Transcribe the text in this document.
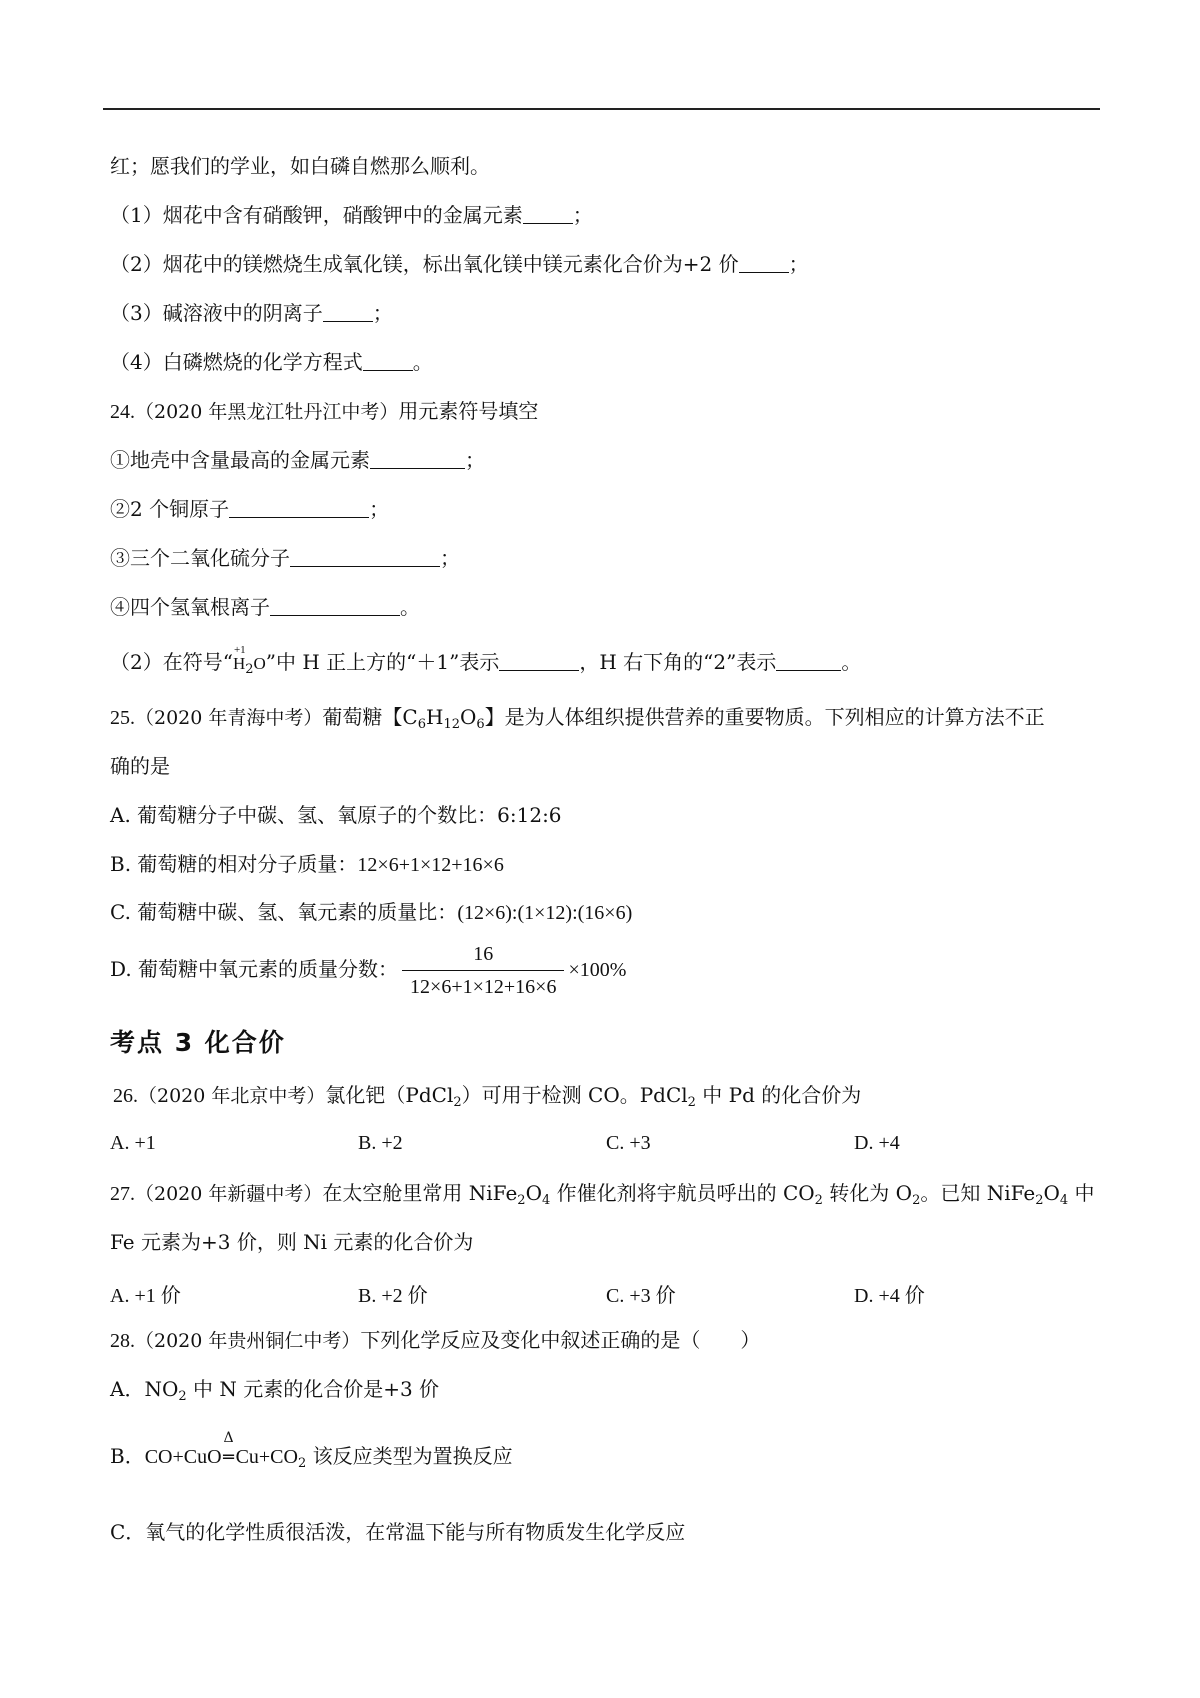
红；愿我们的学业，如白磷自燃那么顺利。
（1）烟花中含有硝酸钾，硝酸钾中的金属元素	；
（2）烟花中的镁燃烧生成氧化镁，标出氧化镁中镁元素化合价为+2 价	；
（3）碱溶液中的阴离子	；
（4）白磷燃烧的化学方程式	。
24.（2020 年黑龙江牡丹江中考）用元素符号填空
①地壳中含量最高的金属元素	；
②2 个铜原子	；
③三个二氧化硫分子	；
④四个氢氧根离子	。
（2）在符号“ +1
$H_2O$”中 H 正上方的“＋1”表示	，H 右下角的“2”表示	。
25.（2020 年青海中考）葡萄糖【$C_6H_{12}O_6$】是为人体组织提供营养的重要物质。下列相应的计算方法不正
确的是
A. 葡萄糖分子中碳、氢、氧原子的个数比：6:12:6
B. 葡萄糖的相对分子质量：12×6+1×12+16×6
C. 葡萄糖中碳、氢、氧元素的质量比：(12×6):(1×12):(16×6)
D. 葡萄糖中氧元素的质量分数： $\frac{16}{12\times 6+1\times 12+16\times 6} \times 100\%$
考点 3 化合价
26.（2020 年北京中考）氯化钯（PdCl$_2$）可用于检测 CO。PdCl$_2$ 中 Pd 的化合价为
A. +1	B. +2	C. +3	D. +4
27.（2020 年新疆中考）在太空舱里常用 $NiFe_2O_4$ 作催化剂将宇航员呼出的 $CO_2$ 转化为 $O_2$。已知 $NiFe_2O_4$ 中
Fe 元素为+3 价，则 Ni 元素的化合价为
A. +1 价	B. +2 价	C. +3 价	D. +4 价
28.（2020 年贵州铜仁中考）下列化学反应及变化中叙述正确的是（　　）
A．$NO_2$ 中 N 元素的化合价是+3 价
B．CO+CuO
Δ
$═Cu+CO_2$ 该反应类型为置换反应
C．氧气的化学性质很活泼，在常温下能与所有物质发生化学反应
